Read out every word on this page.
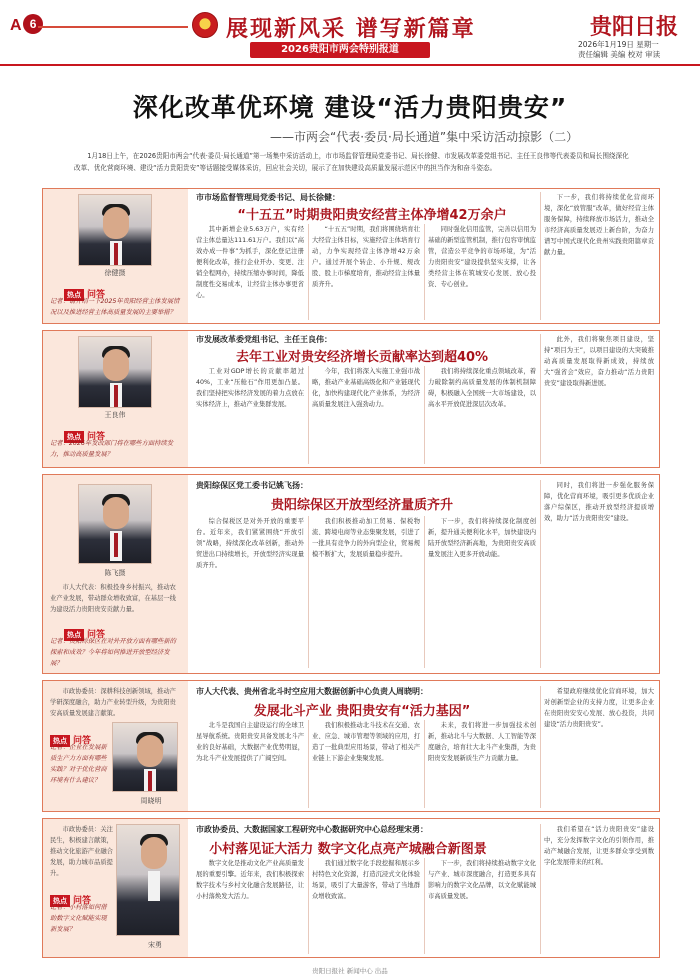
A 6	展现新风采 谱写新篇章
2026贵阳市两会特别报道
贵阳日报
2026年1月19日 星期一
责任编辑 美编 校对 审读
深化改革优环境 建设“活力贵阳贵安”
——市两会“代表·委员·局长通道”集中采访活动掠影（二）
1月18日上午，在2026贵阳市两会“代表·委员·局长通道”第一场集中采访活动上，市市场监督管理局党委书记、局长徐健、市发展改革委党组书记、主任王良伟等代表委员和局长围绕深化改革、优化营商环境、建设“活力贵阳贵安”等话题接受媒体采访，回应社会关切，展示了在加快建设高质量发展示范区中的担当作为和奋斗姿态。
徐健摄
热点 问答
记者：请介绍一下2025年贵阳经营主体发展情况以及推进经营主体高质量发展的主要举措？
市市场监督管理局党委书记、局长徐健：
“十五五”时期贵阳贵安经营主体净增42万余户
其中新增企业5.63万户，实有经营主体总量达111.61万户。我们以“高效办成一件事”为抓手，深化登记注册便利化改革，推行企业开办、变更、注销全程网办，持续压缩办事时间，降低制度性交易成本，让经营主体办事更省心。
“十五五”时期，我们将围绕培育壮大经营主体目标，实施经营主体培育行动，力争实现经营主体净增42万余户。通过开展个转企、小升规、规改股、股上市梯度培育，推动经营主体量质齐升。
同时强化信用监管，完善以信用为基础的新型监管机制，推行包容审慎监管，营造公平竞争的市场环境，为“活力贵阳贵安”建设提供坚实支撑，让各类经营主体在筑城安心发展、放心投资、专心创业。
下一步，我们将持续优化营商环境，深化“放管服”改革，做好经营主体服务保障，持续释放市场活力，推动全市经济高质量发展迈上新台阶，为奋力谱写中国式现代化贵州实践贵阳篇章贡献力量。
王良伟
热点 问答
记者：2026年发改部门将在哪些方面持续发力，推动高质量发展？
市发展改革委党组书记、主任王良伟：
去年工业对贵安经济增长贡献率达到超40%
工业对GDP增长的贡献率超过40%，工业“压舱石”作用更加凸显。我们坚持把实体经济发展的着力点放在实体经济上，推动产业集群发展。
今年，我们将深入实施工业强市战略，推动产业基础高级化和产业链现代化，加快构建现代化产业体系，为经济高质量发展注入强劲动力。
我们将持续深化重点领域改革，着力破除制约高质量发展的体制机制障碍，积极融入全国统一大市场建设，以高水平开放促进深层次改革。
此外，我们将聚焦项目建设，坚持“项目为王”，以项目建设的大突破推动高质量发展取得新成效，持续放大“强省会”效应，奋力推动“活力贵阳贵安”建设取得新进展。
陈飞摄
市人大代表：积极投身乡村振兴，推动农业产业发展，带动群众增收致富，在基层一线为建设活力贵阳贵安贡献力量。
热点 问答
记者：贵阳综保区在对外开放方面有哪些新的探索和成效？今年将如何推进开放型经济发展？
贵阳综保区党工委书记姚飞扬：
贵阳综保区开放型经济量质齐升
综合保税区是对外开放的重要平台。近年来，我们紧紧围绕“开放引领”战略，持续深化改革创新，推动外贸进出口持续增长，开放型经济实现量质齐升。
我们积极推动加工贸易、保税物流、跨境电商等业态集聚发展，引进了一批具有竞争力的外向型企业，贸易规模不断扩大，发展质量稳步提升。
下一步，我们将持续深化制度创新，提升通关便利化水平，加快建设内陆开放型经济新高地，为贵阳贵安高质量发展注入更多开放动能。
同时，我们将进一步强化服务保障，优化营商环境，吸引更多优质企业落户综保区，推动开放型经济提质增效，助力“活力贵阳贵安”建设。
市政协委员：深耕科技创新领域，推动产学研深度融合，助力产业转型升级，为贵阳贵安高质量发展建言献策。
周晓明
热点 问答
记者：企业在发展新质生产力方面有哪些实践？对于优化营商环境有什么建议？
市人大代表、贵州省北斗时空应用大数据创新中心负责人周晓明：
发展北斗产业 贵阳贵安有“活力基因”
北斗是我国自主建设运行的全球卫星导航系统。贵阳贵安具备发展北斗产业的良好基础，大数据产业优势明显，为北斗产业发展提供了广阔空间。
我们积极推动北斗技术在交通、农业、应急、城市管理等领域的应用，打造了一批典型应用场景，带动了相关产业链上下游企业集聚发展。
未来，我们将进一步加强技术创新，推动北斗与大数据、人工智能等深度融合，培育壮大北斗产业集群，为贵阳贵安发展新质生产力贡献力量。
希望政府继续优化营商环境，加大对创新型企业的支持力度，让更多企业在贵阳贵安安心发展、放心投资，共同建设“活力贵阳贵安”。
市政协委员：关注民生，积极建言献策，推动文化旅游产业融合发展，助力城市品质提升。
宋勇
热点 问答
记者：小村落如何借助数字文化赋能实现新发展？
市政协委员、大数据国家工程研究中心数据研究中心总经理宋勇：
小村落见证大活力 数字文化点亮产城融合新图景
数字文化是推动文化产业高质量发展的重要引擎。近年来，我们积极探索数字技术与乡村文化融合发展路径，让小村落焕发大活力。
我们通过数字化手段挖掘和展示乡村特色文化资源，打造沉浸式文化体验场景，吸引了大量游客，带动了当地群众增收致富。
下一步，我们将持续推动数字文化与产业、城市深度融合，打造更多具有影响力的数字文化品牌，以文化赋能城市高质量发展。
我们希望在“活力贵阳贵安”建设中，充分发挥数字文化的引领作用，推动产城融合发展，让更多群众享受到数字化发展带来的红利。
贵阳日报社 新闻中心 出品
